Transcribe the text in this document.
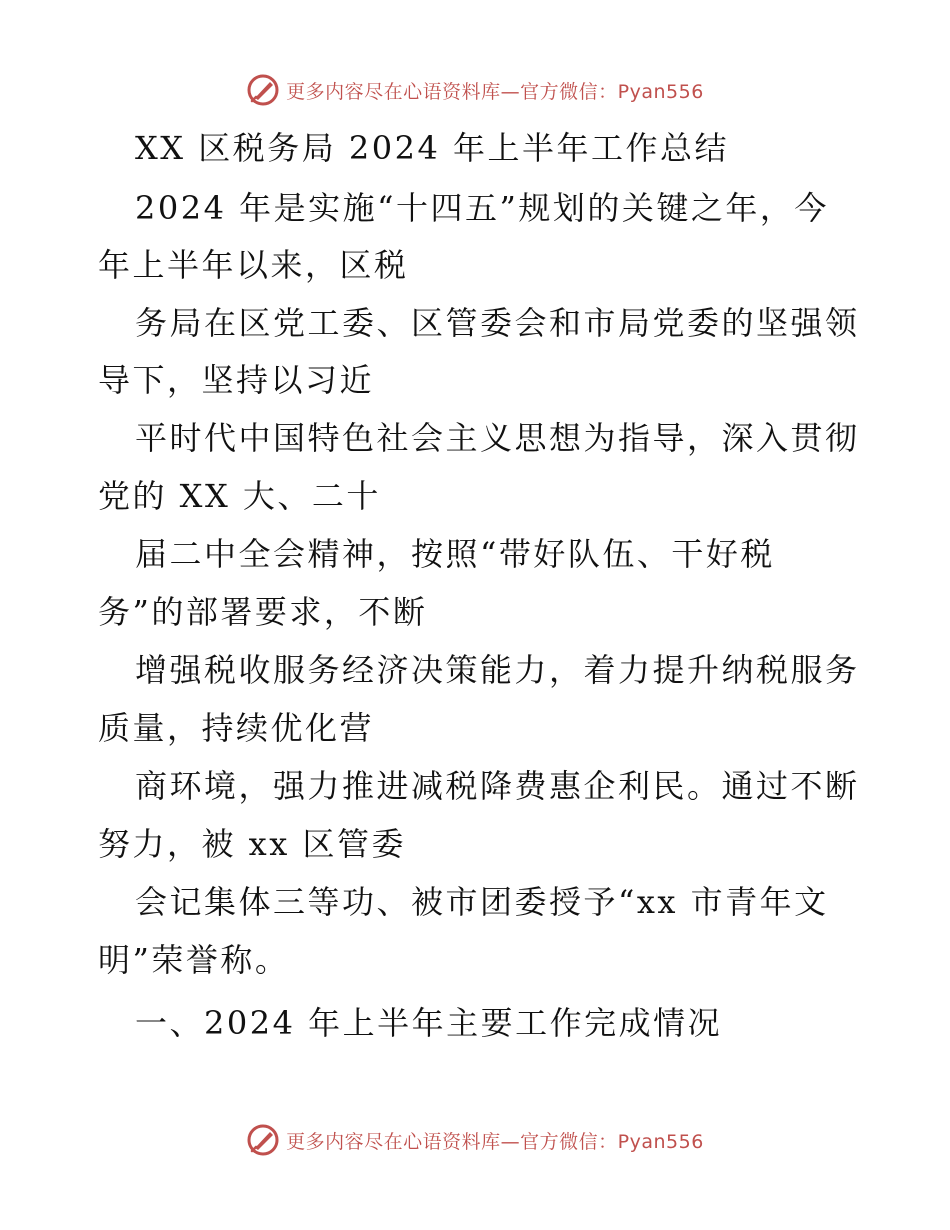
更多内容尽在心语资料库—官方微信：Pyan556
XX 区税务局 2024 年上半年工作总结
2024 年是实施“十四五”规划的关键之年，今
年上半年以来，区税
务局在区党工委、区管委会和市局党委的坚强领
导下，坚持以习近
平时代中国特色社会主义思想为指导，深入贯彻
党的 XX 大、二十
届二中全会精神，按照“带好队伍、干好税
务”的部署要求，不断
增强税收服务经济决策能力，着力提升纳税服务
质量，持续优化营
商环境，强力推进减税降费惠企利民。通过不断
努力，被 xx 区管委
会记集体三等功、被市团委授予“xx 市青年文
明”荣誉称。
一、2024 年上半年主要工作完成情况
更多内容尽在心语资料库—官方微信：Pyan556
